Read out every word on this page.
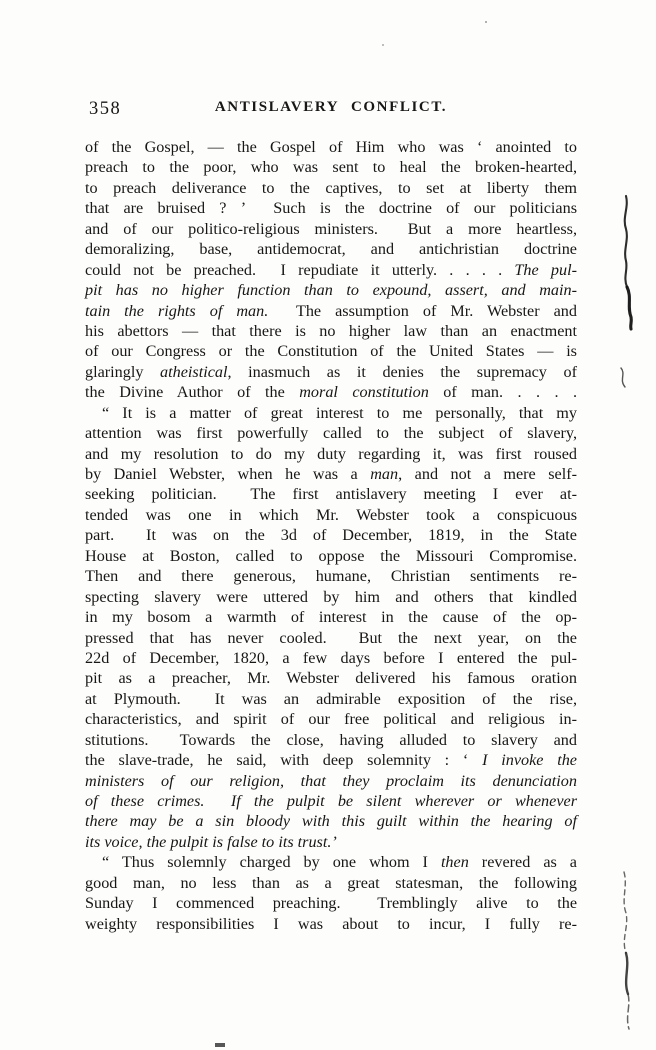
358	ANTISLAVERY CONFLICT.
of the Gospel, — the Gospel of Him who was ‘ anointed to
preach to the poor, who was sent to heal the broken-hearted,
to preach deliverance to the captives, to set at liberty them
that are bruised ? ’  Such is the doctrine of our politicians
and of our politico-religious ministers.  But a more heartless,
demoralizing, base, antidemocrat, and antichristian doctrine
could not be preached.  I repudiate it utterly. . . . . The pul-
pit has no higher function than to expound, assert, and main-
tain the rights of man.  The assumption of Mr. Webster and
his abettors — that there is no higher law than an enactment
of our Congress or the Constitution of the United States — is
glaringly atheistical, inasmuch as it denies the supremacy of
the Divine Author of the moral constitution of man. . . . .
“ It is a matter of great interest to me personally, that my
attention was first powerfully called to the subject of slavery,
and my resolution to do my duty regarding it, was first roused
by Daniel Webster, when he was a man, and not a mere self-
seeking politician.  The first antislavery meeting I ever at-
tended was one in which Mr. Webster took a conspicuous
part.  It was on the 3d of December, 1819, in the State
House at Boston, called to oppose the Missouri Compromise.
Then and there generous, humane, Christian sentiments re-
specting slavery were uttered by him and others that kindled
in my bosom a warmth of interest in the cause of the op-
pressed that has never cooled.  But the next year, on the
22d of December, 1820, a few days before I entered the pul-
pit as a preacher, Mr. Webster delivered his famous oration
at Plymouth.  It was an admirable exposition of the rise,
characteristics, and spirit of our free political and religious in-
stitutions.  Towards the close, having alluded to slavery and
the slave-trade, he said, with deep solemnity : ‘ I invoke the
ministers of our religion, that they proclaim its denunciation
of these crimes.  If the pulpit be silent wherever or whenever
there may be a sin bloody with this guilt within the hearing of
its voice, the pulpit is false to its trust.’
“ Thus solemnly charged by one whom I then revered as a
good man, no less than as a great statesman, the following
Sunday I commenced preaching.  Tremblingly alive to the
weighty responsibilities I was about to incur, I fully re-
